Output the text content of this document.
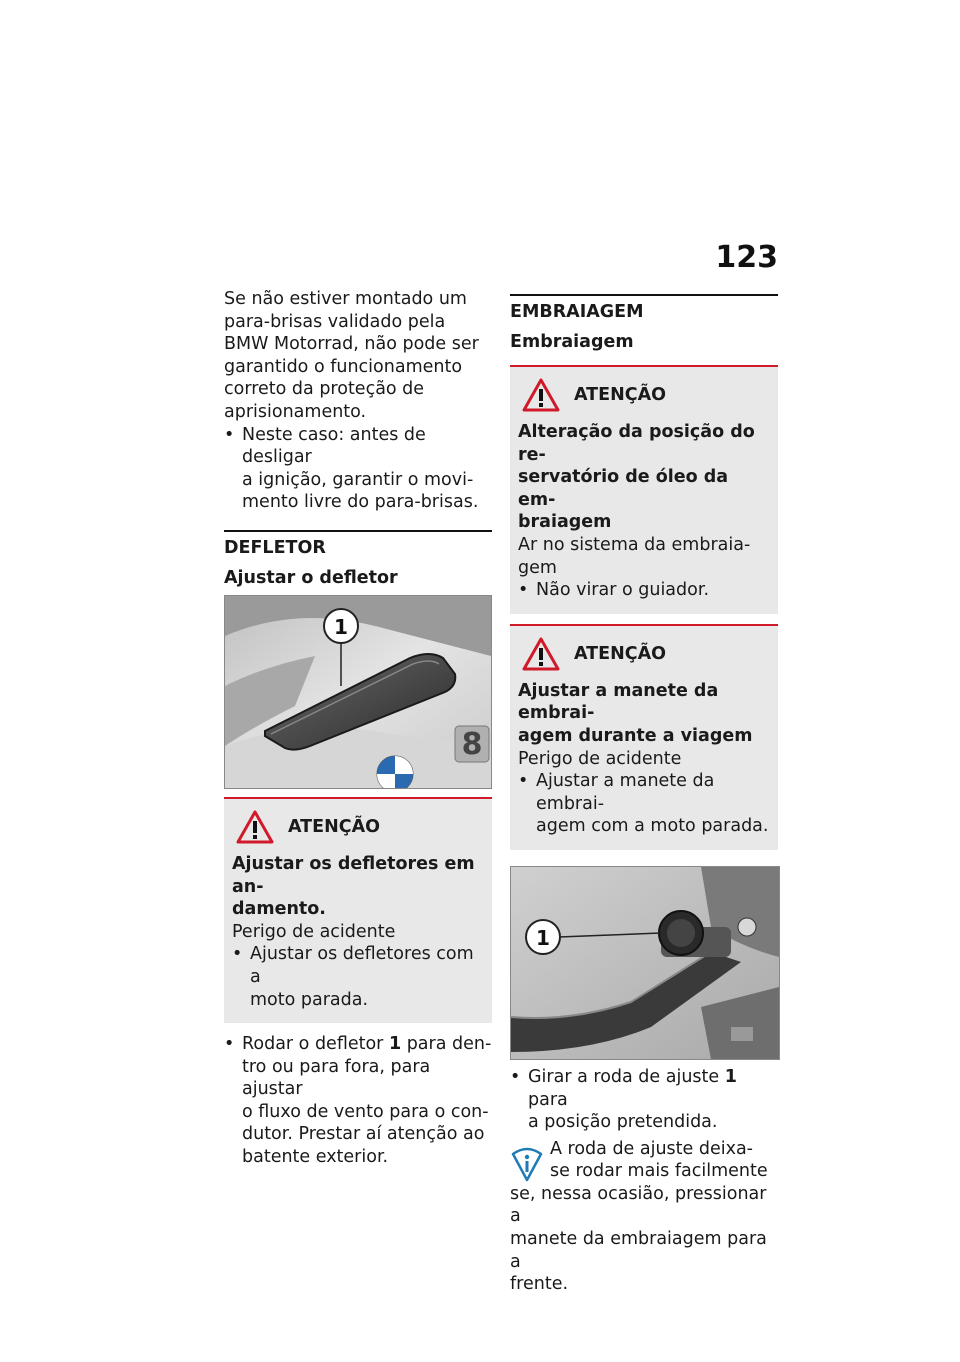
123

Se não estiver montado um

para-brisas validado pela

BMW Motorrad, não pode ser

garantido o funcionamento

correto da proteção de

aprisionamento.

• Neste caso: antes de desligar

a ignição, garantir o movi-

mento livre do para-brisas.

DEFLETOR
Ajustar o defletor
8
1
ATENÇÃO
Ajustar os defletores em an-
damento.

Perigo de acidente

• Ajustar os defletores com a

moto parada.

• Rodar o defletor 1 para den-

tro ou para fora, para ajustar

o fluxo de vento para o con-

dutor. Prestar aí atenção ao

batente exterior.

EMBRAIAGEM
Embraiagem
ATENÇÃO
Alteração da posição do re-
servatório de óleo da em-
braiagem

Ar no sistema da embraia-

gem

• Não virar o guiador.

ATENÇÃO
Ajustar a manete da embrai-
agem durante a viagem

Perigo de acidente

• Ajustar a manete da embrai-

agem com a moto parada.

1

• Girar a roda de ajuste 1 para

a posição pretendida.

A roda de ajuste deixa-

se rodar mais facilmente

se, nessa ocasião, pressionar a

manete da embraiagem para a

frente.
